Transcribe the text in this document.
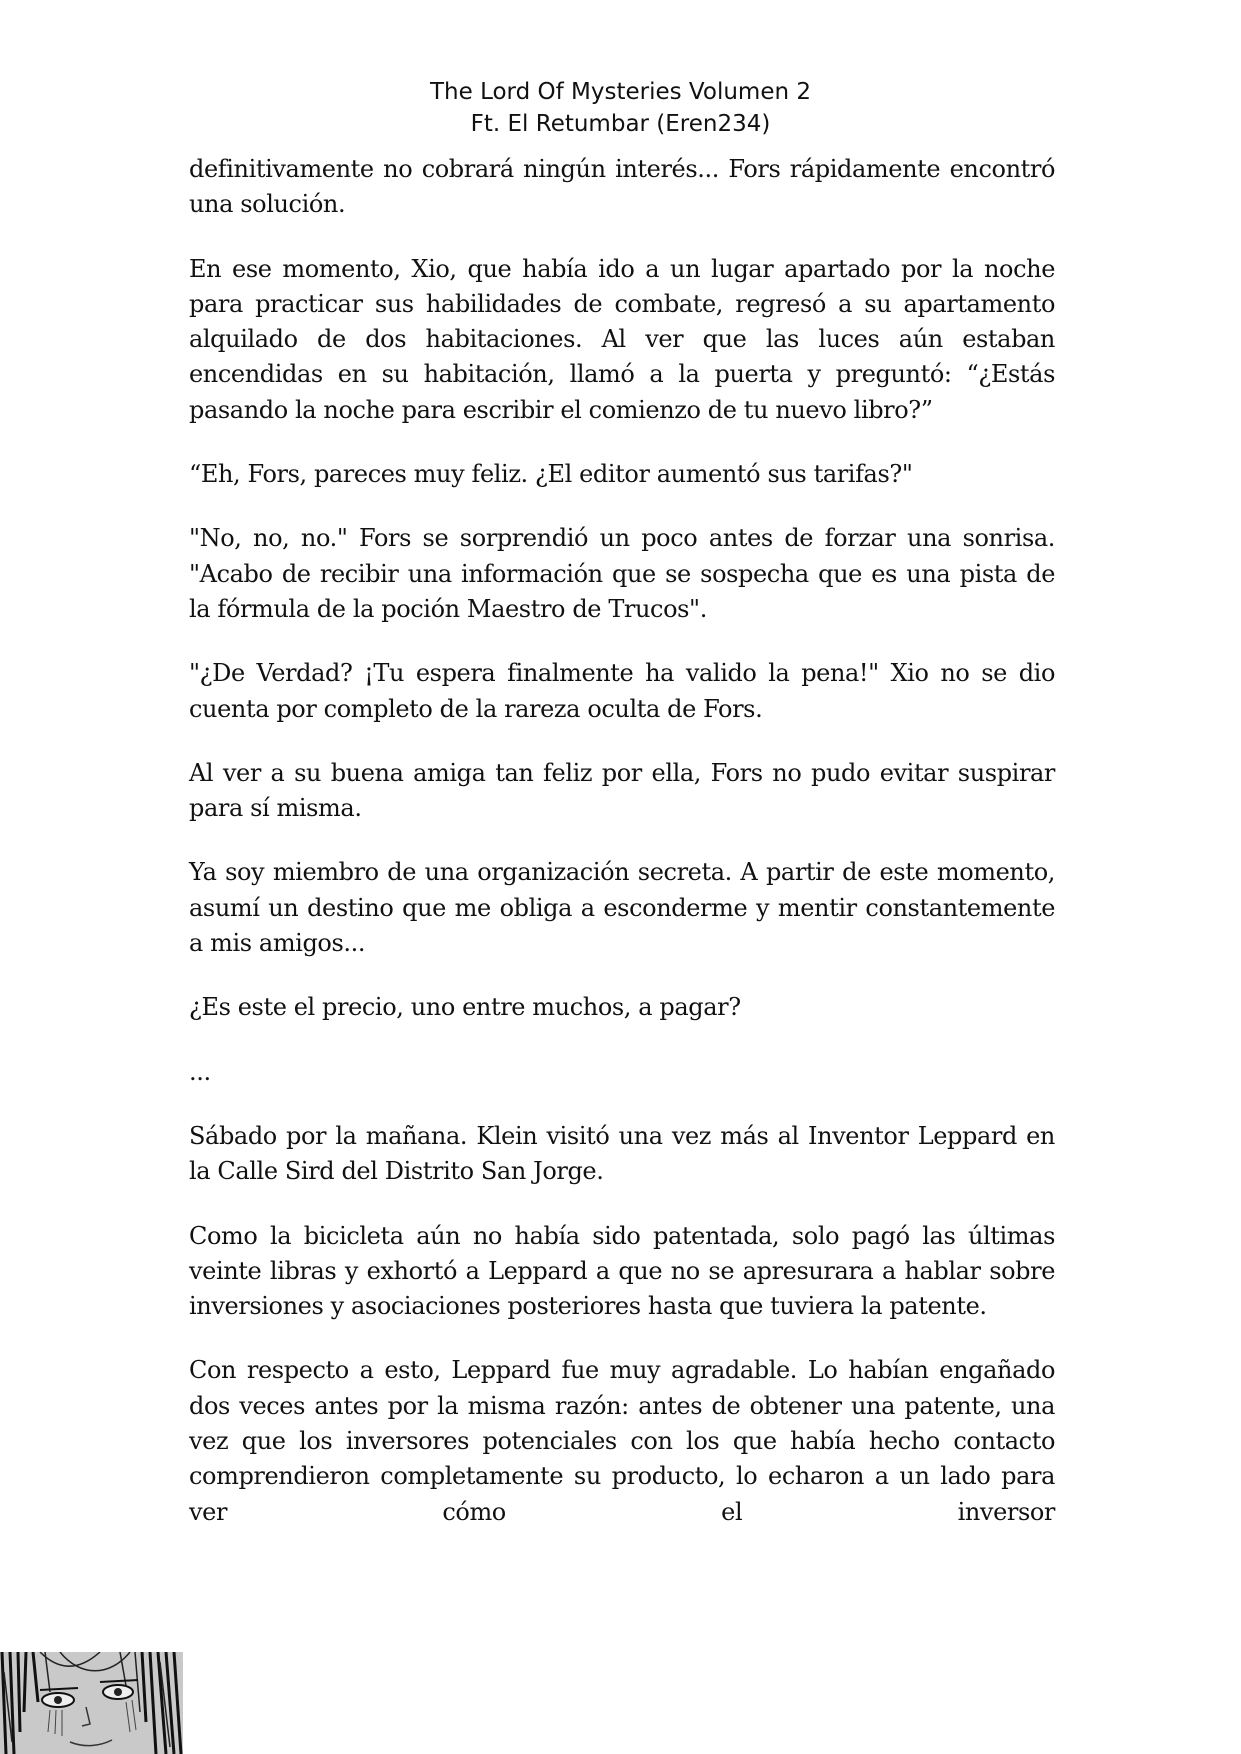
The Lord Of Mysteries Volumen 2
Ft. El Retumbar (Eren234)

definitivamente no cobrará ningún interés... Fors rápidamente encontró una solución.

En ese momento, Xio, que había ido a un lugar apartado por la noche para practicar sus habilidades de combate, regresó a su apartamento alquilado de dos habitaciones. Al ver que las luces aún estaban encendidas en su habitación, llamó a la puerta y preguntó: “¿Estás pasando la noche para escribir el comienzo de tu nuevo libro?”

“Eh, Fors, pareces muy feliz. ¿El editor aumentó sus tarifas?"

"No, no, no." Fors se sorprendió un poco antes de forzar una sonrisa. "Acabo de recibir una información que se sospecha que es una pista de la fórmula de la poción Maestro de Trucos".

"¿De Verdad? ¡Tu espera finalmente ha valido la pena!" Xio no se dio cuenta por completo de la rareza oculta de Fors.

Al ver a su buena amiga tan feliz por ella, Fors no pudo evitar suspirar para sí misma.

Ya soy miembro de una organización secreta. A partir de este momento, asumí un destino que me obliga a esconderme y mentir constantemente a mis amigos...

¿Es este el precio, uno entre muchos, a pagar?

...

Sábado por la mañana. Klein visitó una vez más al Inventor Leppard en la Calle Sird del Distrito San Jorge.

Como la bicicleta aún no había sido patentada, solo pagó las últimas veinte libras y exhortó a Leppard a que no se apresurara a hablar sobre inversiones y asociaciones posteriores hasta que tuviera la patente.

Con respecto a esto, Leppard fue muy agradable. Lo habían engañado dos veces antes por la misma razón: antes de obtener una patente, una vez que los inversores potenciales con los que había hecho contacto comprendieron completamente su producto, lo echaron a un lado para ver cómo el inversor
